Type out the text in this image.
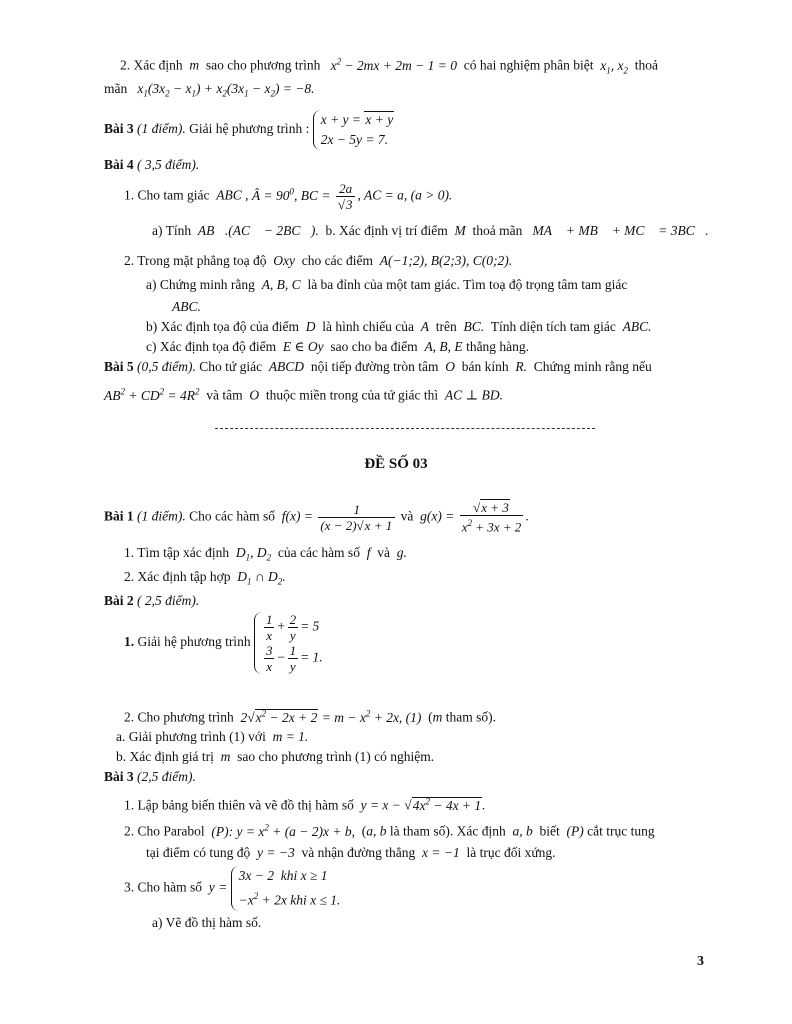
2. Xác định  m  sao cho phương trình   $x^2 - 2mx + 2m - 1 = 0$  có hai nghiệm phân biệt  $x_1$, $x_2$ thoả
mãn   $x_1(3x_2 - x_1) + x_2(3x_1 - x_2) = -8$.
Bài 3 (1 điểm). Giải hệ phương trình :
x + y = x + y
2x − 5y = 7.
Bài 4 ( 3,5 điểm).
1. Cho tam giác  ABC , Â = $90^0$, BC = $\frac{2a}{√3}$ , AC = a, (a > 0).
a) Tính  AB⃗.(AC⃗ − 2BC⃗).  b. Xác định vị trí điểm  M  thoả mãn   MA⃗ + MB⃗ + MC⃗ = 3BC⃗.
2. Trong mặt phẳng toạ độ  Oxy  cho các điểm  A(−1;2), B(2;3), C(0;2).
a) Chứng minh rằng  A, B, C  là ba đỉnh của một tam giác. Tìm toạ độ trọng tâm tam giác
ABC.
b) Xác định tọa độ của điểm  D  là hình chiếu của  A  trên  BC.  Tính diện tích tam giác  ABC.
c) Xác định tọa độ điểm  E ∈ Oy  sao cho ba điểm  A, B, E thẳng hàng.
Bài 5 (0,5 điểm). Cho tứ giác  ABCD  nội tiếp đường tròn tâm  O  bán kính  R.  Chứng minh rằng nếu
$AB^2 + CD^2 = 4R^2$ và tâm  O  thuộc miền trong của tứ giác thì  AC ⊥ BD.
ĐỀ SỐ 03
Bài 1 (1 điểm). Cho các hàm số  $f(x) = \frac{1}{(x - 2)√x + 1}$ và  $g(x) = \frac{√x + 3}{x^2 + 3x + 2}$ .
1. Tìm tập xác định  $D_1$, $D_2$ của các hàm số  f  và  g.
2. Xác định tập hợp  $D_1$ ∩ $D_2$.
Bài 2 ( 2,5 điểm).
1. Giải hệ phương trình $\frac{1}{x} + \frac{2}{y} = 5$
$\frac{3}{x} - \frac{1}{y} = 1$.
2. Cho phương trình  $2√x^2 - 2x + 2 = m - x^2 + 2x$, (1)  (m tham số).
a. Giải phương trình (1) với  m = 1.
b. Xác định giá trị  m  sao cho phương trình (1) có nghiệm.
Bài 3 (2,5 điểm).
1. Lập bảng biến thiên và vẽ đồ thị hàm số  $y = x - √4x^2 - 4x + 1$.
2. Cho Parabol  (P): $y = x^2 + (a - 2)x + b$,  (a, b là tham số). Xác định  a, b  biết  (P) cắt trục tung
tại điểm có tung độ  y = −3  và nhận đường thẳng  x = −1  là trục đối xứng.
3. Cho hàm số  y =
3x − 2  khi x ≥ 1
$-x^2 + 2x$ khi x ≤ 1.
a) Vẽ đồ thị hàm số.
3
